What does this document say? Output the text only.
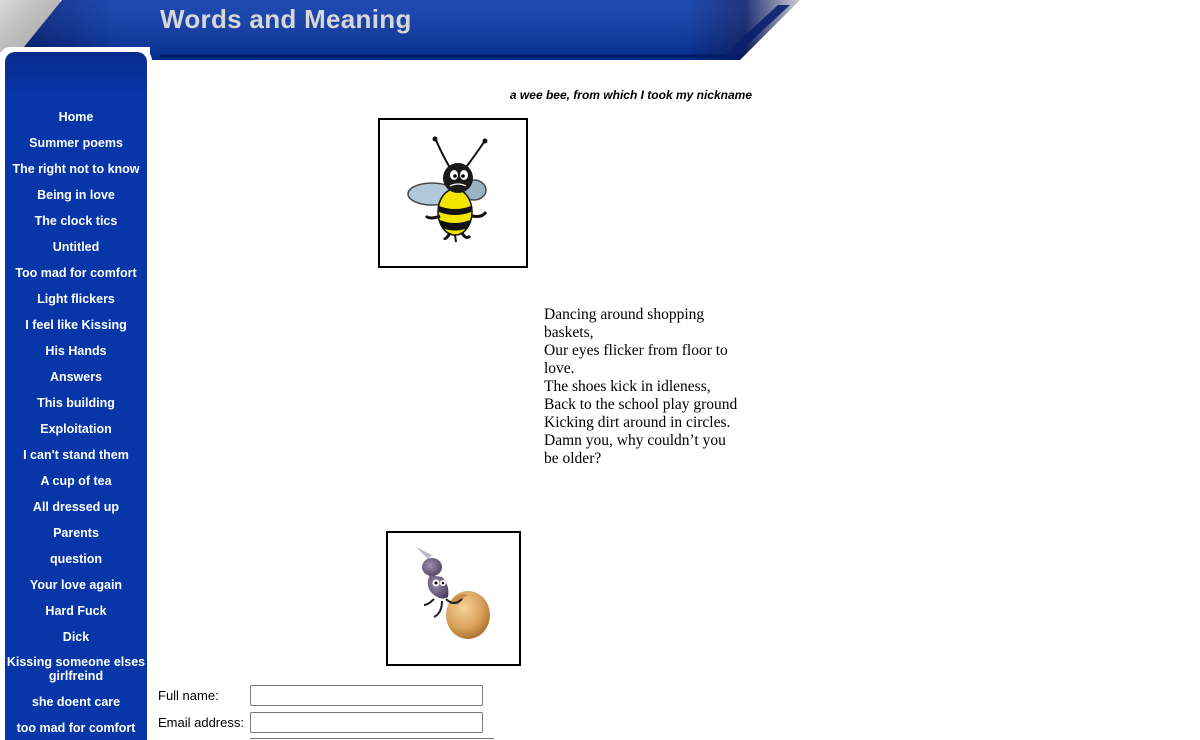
Words and Meaning
Home
Summer poems
The right not to know
Being in love
The clock tics
Untitled
Too mad for comfort
Light flickers
I feel like Kissing
His Hands
Answers
This building
Exploitation
I can't stand them
A cup of tea
All dressed up
Parents
question
Your love again
Hard Fuck
Dick
Kissing someone elses girlfreind
she doent care
too mad for comfort

a wee bee, from which I took my nickname

Dancing around shopping
baskets,
Our eyes flicker from floor to
love.
The shoes kick in idleness,
Back to the school play ground
Kicking dirt around in circles.
Damn you, why couldn’t you
be older?
Full name:
Email address:
